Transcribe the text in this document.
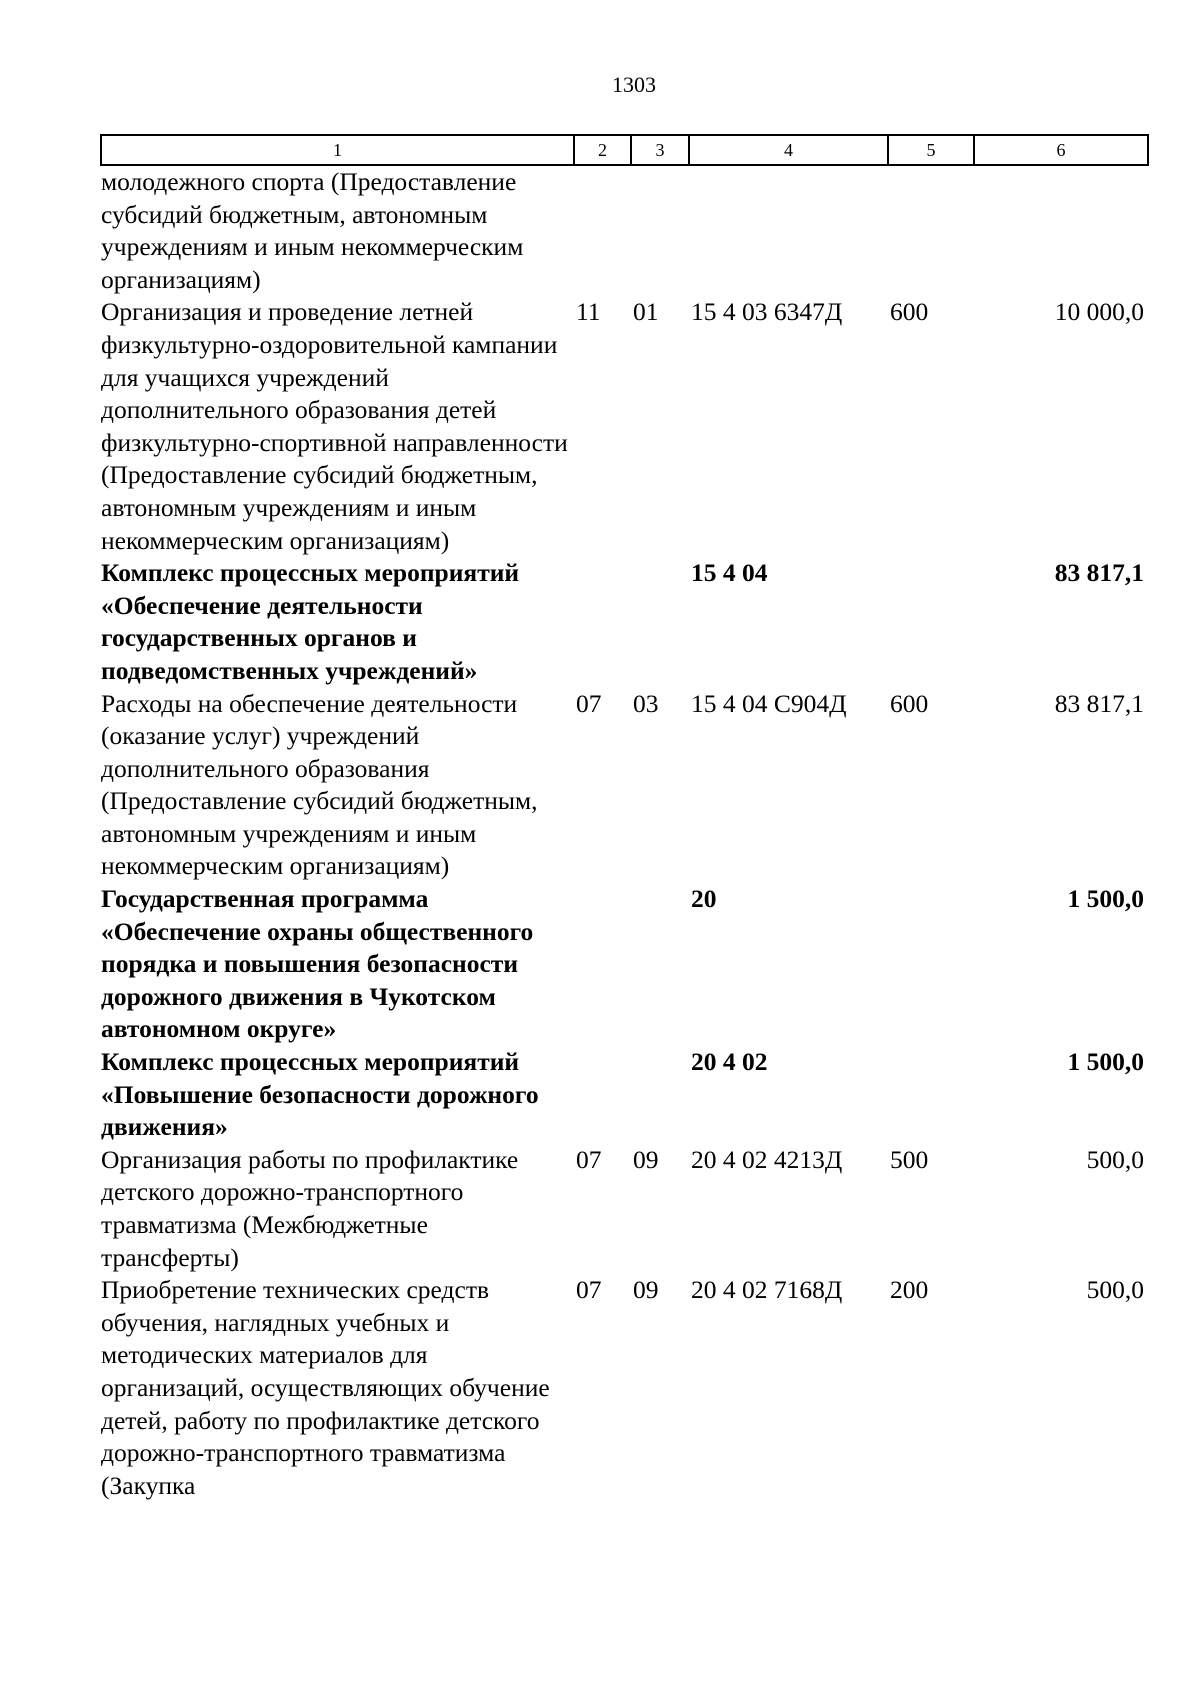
1303
1	2	3	4	5	6
молодежного спорта (Предоставление субсидий бюджетным, автономным учреждениям и иным некоммерческим организациям)					
Организация и проведение летней физкультурно-оздоровительной кампании для учащихся учреждений дополнительного образования детей физкультурно-спортивной направленности (Предоставление субсидий бюджетным, автономным учреждениям и иным некоммерческим организациям)	11	01	15 4 03 6347Д	600	10 000,0
Комплекс процессных мероприятий «Обеспечение деятельности государственных органов и подведомственных учреждений»			15 4 04		83 817,1
Расходы на обеспечение деятельности (оказание услуг) учреждений дополнительного образования (Предоставление субсидий бюджетным, автономным учреждениям и иным некоммерческим организациям)	07	03	15 4 04 С904Д	600	83 817,1
Государственная программа «Обеспечение охраны общественного порядка и повышения безопасности дорожного движения в Чукотском автономном округе»			20		1 500,0
Комплекс процессных мероприятий «Повышение безопасности дорожного движения»			20 4 02		1 500,0
Организация работы по профилактике детского дорожно-транспортного травматизма (Межбюджетные трансферты)	07	09	20 4 02 4213Д	500	500,0
Приобретение технических средств обучения, наглядных учебных и методических материалов для организаций, осуществляющих обучение детей, работу по профилактике детского дорожно-транспортного травматизма (Закупка	07	09	20 4 02 7168Д	200	500,0
